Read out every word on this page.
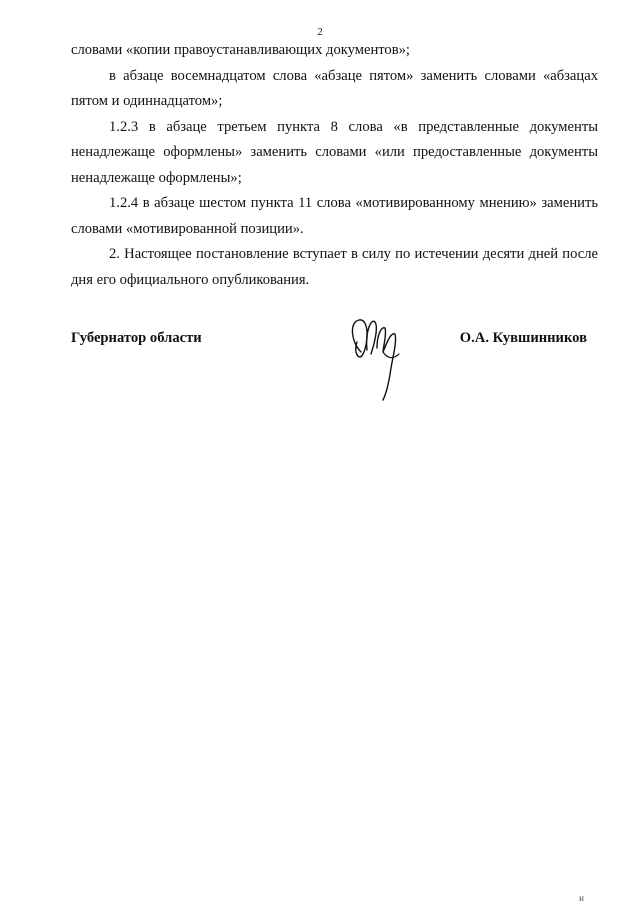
2

словами «копии правоустанавливающих документов»;

в абзаце восемнадцатом слова «абзаце пятом» заменить словами «абзацах пятом и одиннадцатом»;

1.2.3 в абзаце третьем пункта 8 слова «в представленные документы ненадлежаще оформлены» заменить словами «или предоставленные документы ненадлежаще оформлены»;

1.2.4 в абзаце шестом пункта 11 слова «мотивированному мнению» заменить словами «мотивированной позиции».

2. Настоящее постановление вступает в силу по истечении десяти дней после дня его официального опубликования.

Губернатор области	О.А. Кувшинников
и
